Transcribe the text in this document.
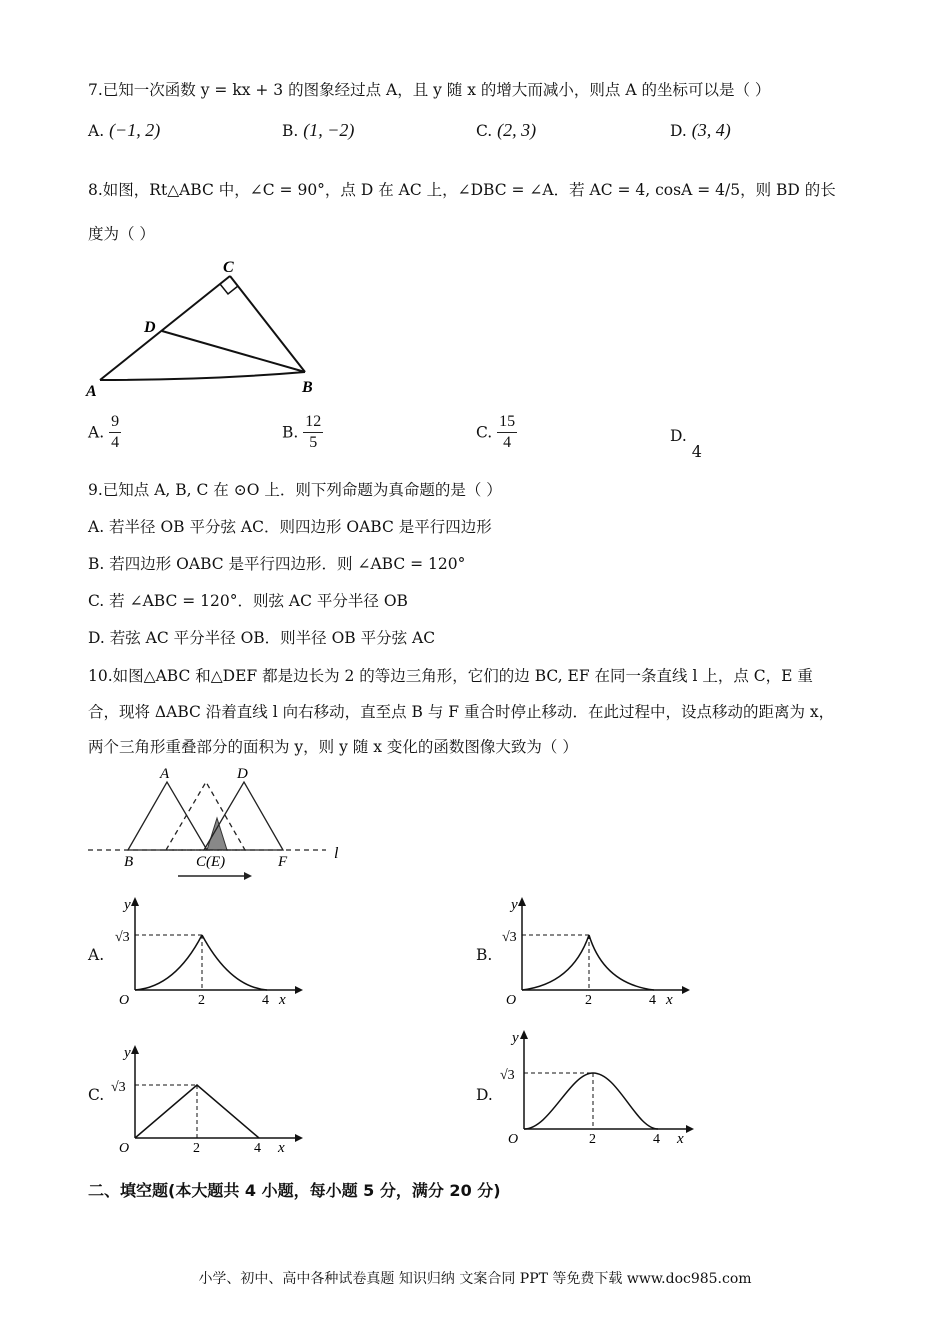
7.已知一次函数 y = kx + 3 的图象经过点 A，且 y 随 x 的增大而减小，则点 A 的坐标可以是（ ）
A. (−1, 2)	B. (1, −2)	C. (2, 3)	D. (3, 4)
8.如图，Rt△ABC 中，∠C = 90°，点 D 在 AC 上，∠DBC = ∠A．若 AC = 4, cosA = 4/5，则 BD 的长
度为（ ）
C
D
A	B
A. $\frac{9}{4}$	B. $\frac{12}{5}$	C. $\frac{15}{4}$	D. 4
9.已知点 A, B, C 在 ⊙O 上．则下列命题为真命题的是（ ）
A. 若半径 OB 平分弦 AC．则四边形 OABC 是平行四边形
B. 若四边形 OABC 是平行四边形．则 ∠ABC = 120°
C. 若 ∠ABC = 120°．则弦 AC 平分半径 OB
D. 若弦 AC 平分半径 OB．则半径 OB 平分弦 AC
10.如图△ABC 和△DEF 都是边长为 2 的等边三角形，它们的边 BC, EF 在同一条直线 l 上，点 C，E 重
合，现将 ΔABC 沿着直线 l 向右移动，直至点 B 与 F 重合时停止移动．在此过程中，设点移动的距离为 x，
两个三角形重叠部分的面积为 y，则 y 随 x 变化的函数图像大致为（ ）
A	D
B	C(E)	F	l
A.
y
√3
O	2	4 x
B.
y
√3
O	2	4 x
C.
y
√3
O	2	4 x
D.
y
√3
O	2	4 x
二、填空题(本大题共 4 小题，每小题 5 分，满分 20 分)
小学、初中、高中各种试卷真题 知识归纳 文案合同 PPT 等免费下载 www.doc985.com
